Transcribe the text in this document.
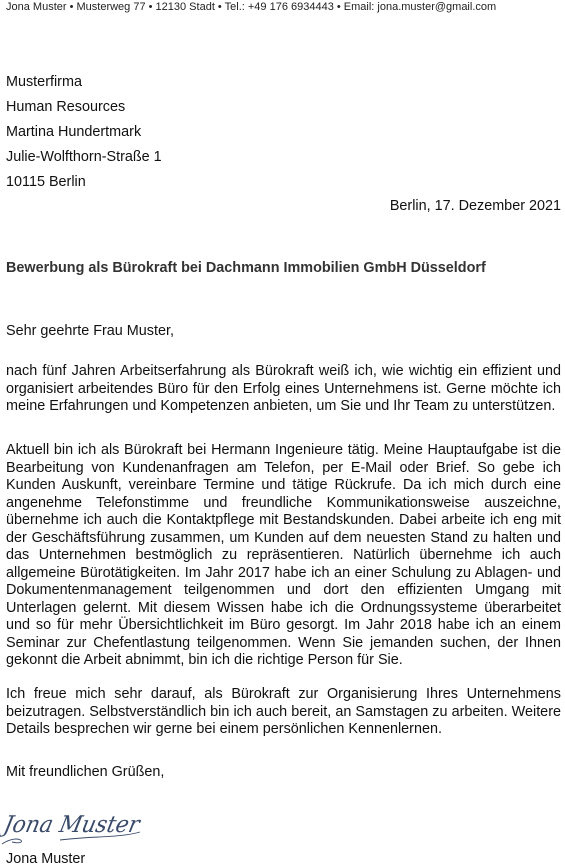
Jona Muster • Musterweg 77 • 12130 Stadt • Tel.: +49 176 6934443 • Email: jona.muster@gmail.com
Musterfirma
Human Resources
Martina Hundertmark
Julie-Wolfthorn-Straße 1
10115 Berlin
Berlin, 17. Dezember 2021
Bewerbung als Bürokraft bei Dachmann Immobilien GmbH Düsseldorf
Sehr geehrte Frau Muster,
nach fünf Jahren Arbeitserfahrung als Bürokraft weiß ich, wie wichtig ein effizient und organisiert arbeitendes Büro für den Erfolg eines Unternehmens ist. Gerne möchte ich meine Erfahrungen und Kompetenzen anbieten, um Sie und Ihr Team zu unterstützen.
Aktuell bin ich als Bürokraft bei Hermann Ingenieure tätig. Meine Hauptaufgabe ist die Bearbeitung von Kundenanfragen am Telefon, per E-Mail oder Brief. So gebe ich Kunden Auskunft, vereinbare Termine und tätige Rückrufe. Da ich mich durch eine angenehme Telefonstimme und freundliche Kommunikationsweise auszeichne, übernehme ich auch die Kontaktpflege mit Bestandskunden. Dabei arbeite ich eng mit der Geschäftsführung zusammen, um Kunden auf dem neuesten Stand zu halten und das Unternehmen bestmöglich zu repräsentieren. Natürlich übernehme ich auch allgemeine Bürotätigkeiten. Im Jahr 2017 habe ich an einer Schulung zu Ablagen- und Dokumentenmanagement teilgenommen und dort den effizienten Umgang mit Unterlagen gelernt. Mit diesem Wissen habe ich die Ordnungssysteme überarbeitet und so für mehr Übersichtlichkeit im Büro gesorgt. Im Jahr 2018 habe ich an einem Seminar zur Chefentlastung teilgenommen. Wenn Sie jemanden suchen, der Ihnen gekonnt die Arbeit abnimmt, bin ich die richtige Person für Sie.
Ich freue mich sehr darauf, als Bürokraft zur Organisierung Ihres Unternehmens beizutragen. Selbstverständlich bin ich auch bereit, an Samstagen zu arbeiten. Weitere Details besprechen wir gerne bei einem persönlichen Kennenlernen.
Mit freundlichen Grüßen,
Jona Muster
Jona Muster
